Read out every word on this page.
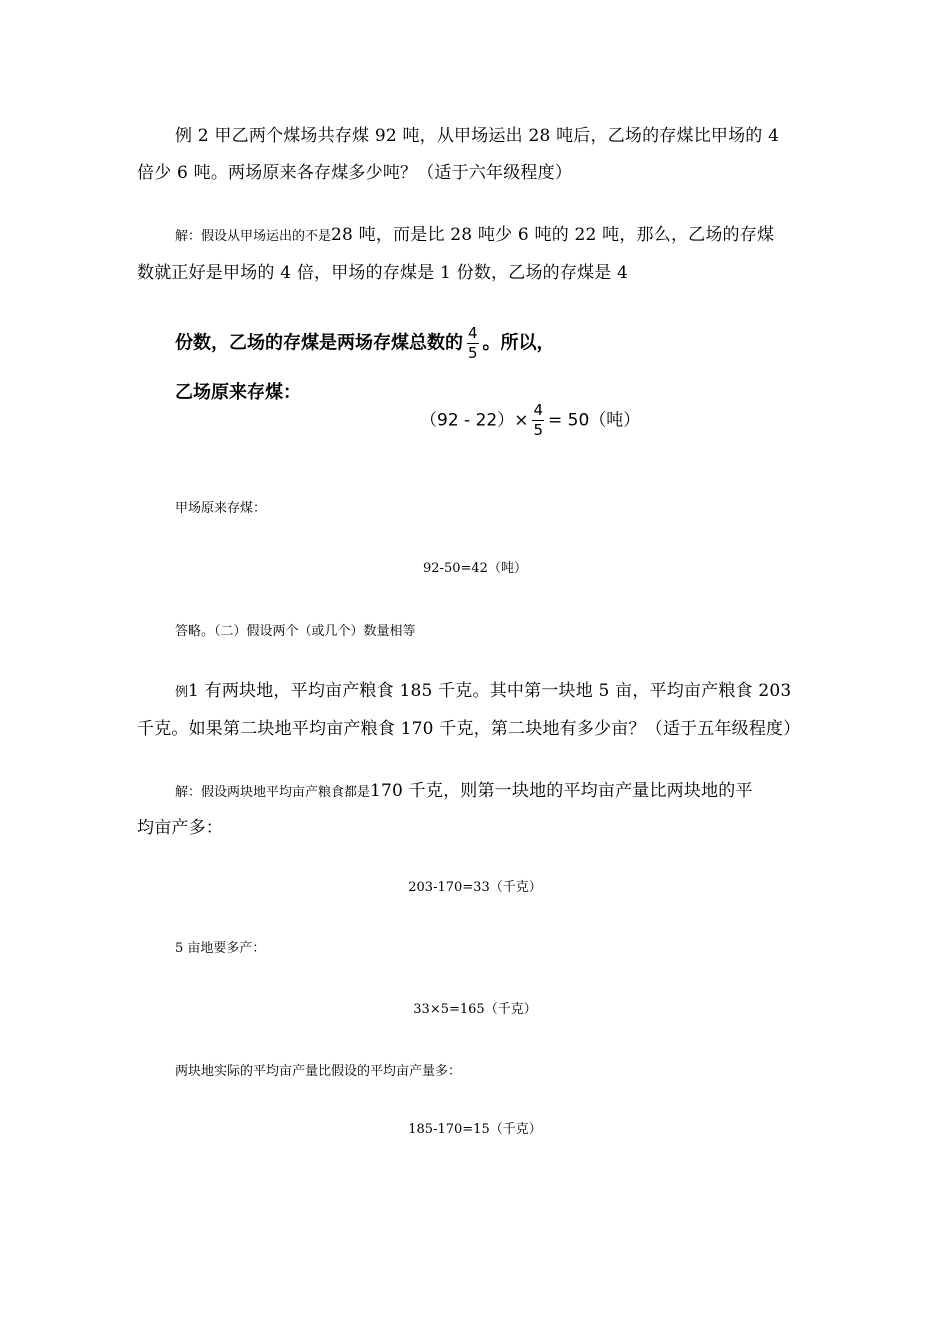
例 2 甲乙两个煤场共存煤 92 吨，从甲场运出 28 吨后，乙场的存煤比甲场的 4
倍少 6 吨。两场原来各存煤多少吨？（适于六年级程度）
解：假设从甲场运出的不是28 吨，而是比 28 吨少 6 吨的 22 吨，那么，乙场的存煤
数就正好是甲场的 4 倍，甲场的存煤是 1 份数，乙场的存煤是 4
份数，乙场的存煤是两场存煤总数的 $\frac{4}{5}$ 。所以，
乙场原来存煤：
$(92 - 22)\times \frac{4}{5} = 50$（吨）
甲场原来存煤：
92-50=42（吨）
答略。（二）假设两个（或几个）数量相等
例1 有两块地，平均亩产粮食 185 千克。其中第一块地 5 亩，平均亩产粮食 203
千克。如果第二块地平均亩产粮食 170 千克，第二块地有多少亩？（适于五年级程度）
解：假设两块地平均亩产粮食都是170 千克，则第一块地的平均亩产量比两块地的平
均亩产多：
203-170=33（千克）
5 亩地要多产：
33×5=165（千克）
两块地实际的平均亩产量比假设的平均亩产量多：
185-170=15（千克）
